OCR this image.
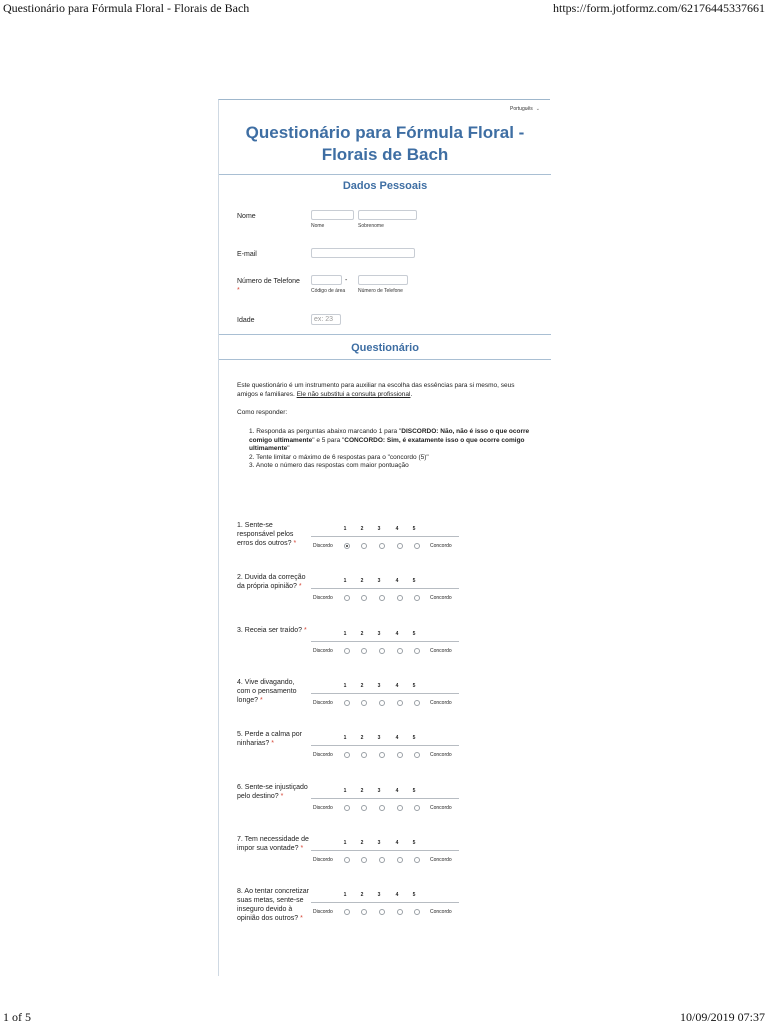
Questionário para Fórmula Floral - Florais de Bach	https://form.jotformz.com/62176445337661
Português ⌄
Questionário para Fórmula Floral -
Florais de Bach
Dados Pessoais
Nome
Nome	Sobrenome
E-mail
Número de Telefone
*
-
Código de área	Número de Telefone
Idade	ex: 23
Questionário
Este questionário é um instrumento para auxiliar na escolha das essências para si mesmo, seus amigos e familiares. Ele não substitui a consulta profissional.
Como responder:
1. Responda as perguntas abaixo marcando 1 para "DISCORDO: Não, não é isso o que ocorre comigo ultimamente" e 5 para "CONCORDO: Sim, é exatamente isso o que ocorre comigo ultimamente"
2. Tente limitar o máximo de 6 respostas para o "concordo (5)"
3. Anote o número das respostas com maior pontuação
1. Sente-se responsável pelos erros dos outros? *
1	2	3	4	5
Discordo	Concordo
2. Duvida da correção da própria opinião? *
1	2	3	4	5
Discordo	Concordo
3. Receia ser traído? *	1	2	3	4	5
Discordo	Concordo
4. Vive divagando, com o pensamento longe? *
1	2	3	4	5
Discordo	Concordo
5. Perde a calma por ninharias? *
1	2	3	4	5
Discordo	Concordo
6. Sente-se injustiçado pelo destino? *
1	2	3	4	5
Discordo	Concordo
7. Tem necessidade de impor sua vontade? *
1	2	3	4	5
Discordo	Concordo
8. Ao tentar concretizar suas metas, sente-se inseguro devido à opinião dos outros? *
1	2	3	4	5
Discordo	Concordo
1 of 5	10/09/2019 07:37
